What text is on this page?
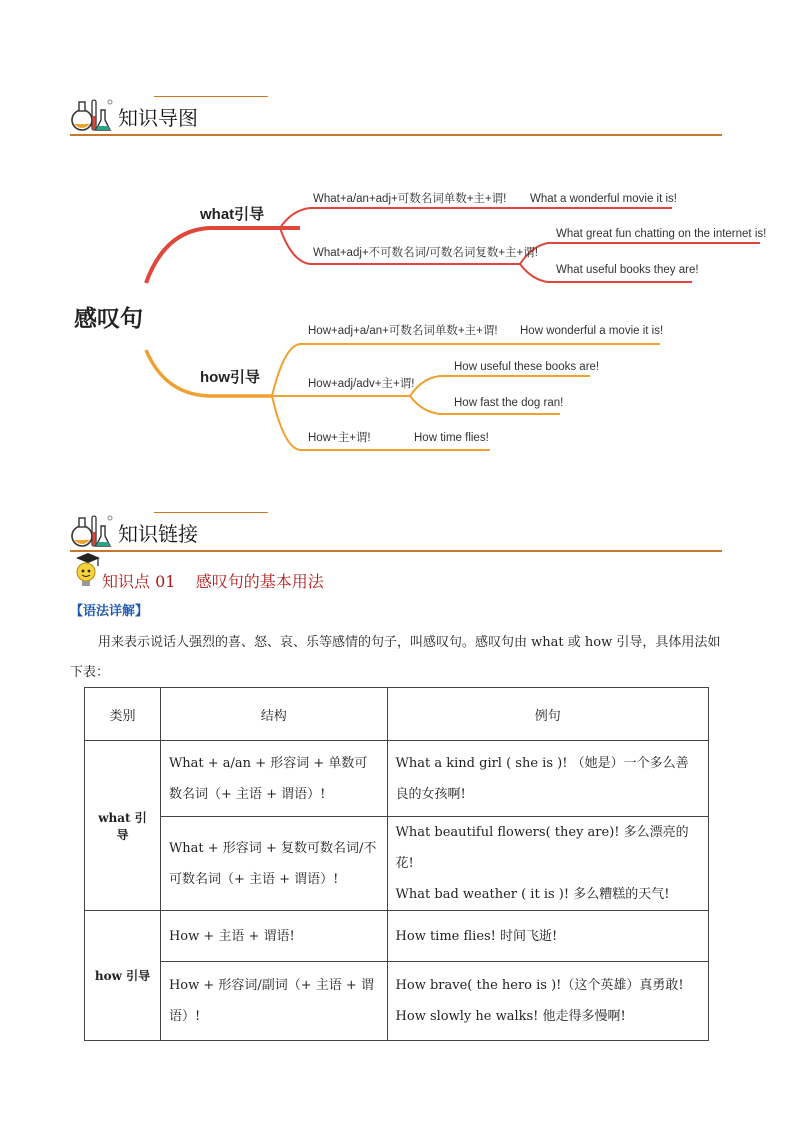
知识导图
感叹句
what引导
how引导
What+a/an+adj+可数名词单数+主+谓! What a wonderful movie it is!
What+adj+不可数名词/可数名词复数+主+谓!
What great fun chatting on the internet is!
What useful books they are!
How+adj+a/an+可数名词单数+主+谓! How wonderful a movie it is!
How+adj/adv+主+谓!
How useful these books are!
How fast the dog ran!
How+主+谓!	How time flies!
知识链接
知识点 01    感叹句的基本用法
【语法详解】
用来表示说话人强烈的喜、怒、哀、乐等感情的句子，叫感叹句。感叹句由 what 或 how 引导，具体用法如下表：
类别	结构	例句
what 引导	What + a/an + 形容词 + 单数可数名词（+ 主语 + 谓语）!	What a kind girl ( she is )! （她是）一个多么善良的女孩啊!

	What + 形容词 + 复数可数名词/不可数名词（+ 主语 + 谓语）!	What beautiful flowers( they are)! 多么漂亮的花!
What bad weather ( it is )! 多么糟糕的天气!

how 引导	How + 主语 + 谓语!	How time flies! 时间飞逝!

	How + 形容词/副词（+ 主语 + 谓语）!	How brave( the hero is )!（这个英雄）真勇敢!
How slowly he walks! 他走得多慢啊!
